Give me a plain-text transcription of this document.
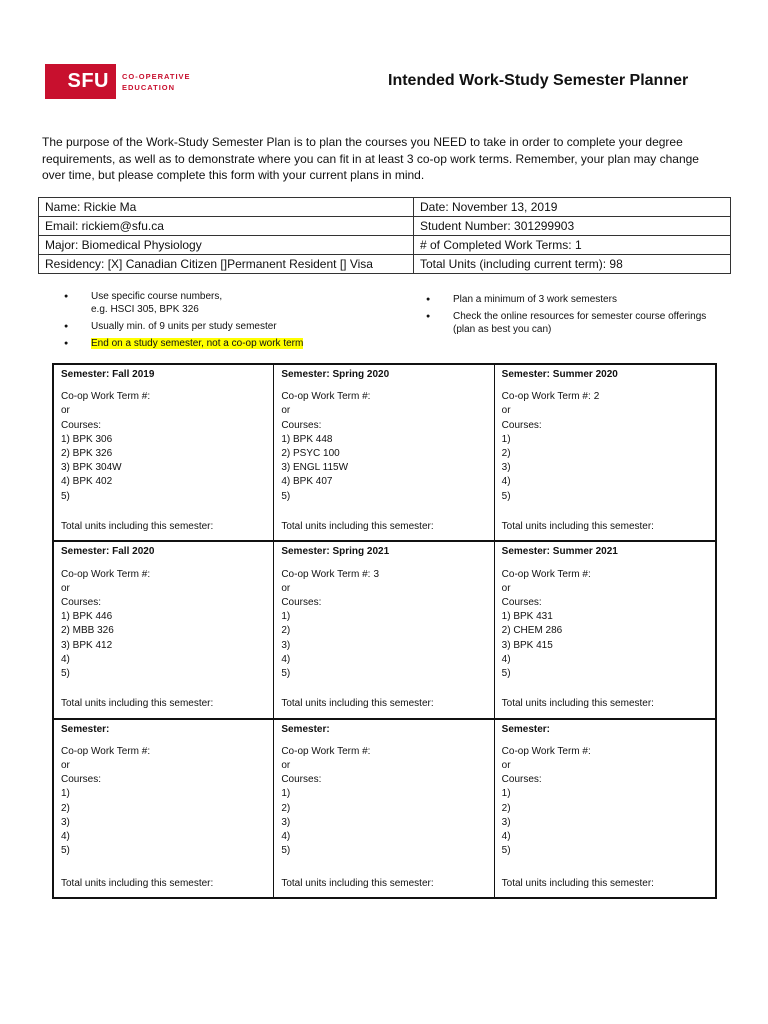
SFU	CO-OPERATIVE
EDUCATION	Intended Work-Study Semester Planner

The purpose of the Work-Study Semester Plan is to plan the courses you NEED to take in order to complete your degree requirements, as well as to demonstrate where you can fit in at least 3 co-op work terms. Remember, your plan may change over time, but please complete this form with your current plans in mind.

Name: Rickie Ma	Date: November 13, 2019
Email: rickiem@sfu.ca	Student Number: 301299903
Major: Biomedical Physiology	# of Completed Work Terms: 1
Residency: [X] Canadian Citizen []Permanent Resident [] Visa	Total Units (including current term): 98
● Use specific course numbers,
e.g. HSCI 305, BPK 326
● Usually min. of 9 units per study semester
● End on a study semester, not a co-op work term
● Plan a minimum of 3 work semesters
● Check the online resources for semester course offerings
(plan as best you can)
Semester: Fall 2019
Co-op Work Term #:
or
Courses:
1) BPK 306
2) BPK 326
3) BPK 304W
4) BPK 402
5)
Total units including this semester:
Semester: Spring 2020
Co-op Work Term #:
or
Courses:
1) BPK 448
2) PSYC 100
3) ENGL 115W
4) BPK 407
5)
Total units including this semester:
Semester: Summer 2020
Co-op Work Term #: 2
or
Courses:
1)
2)
3)
4)
5)
Total units including this semester:
Semester: Fall 2020
Co-op Work Term #:
or
Courses:
1) BPK 446
2) MBB 326
3) BPK 412
4)
5)
Total units including this semester:
Semester: Spring 2021
Co-op Work Term #: 3
or
Courses:
1)
2)
3)
4)
5)
Total units including this semester:
Semester: Summer 2021
Co-op Work Term #:
or
Courses:
1) BPK 431
2) CHEM 286
3) BPK 415
4)
5)
Total units including this semester:
Semester:
Co-op Work Term #:
or
Courses:
1)
2)
3)
4)
5)
Total units including this semester:
Semester:
Co-op Work Term #:
or
Courses:
1)
2)
3)
4)
5)
Total units including this semester:
Semester:
Co-op Work Term #:
or
Courses:
1)
2)
3)
4)
5)
Total units including this semester:
